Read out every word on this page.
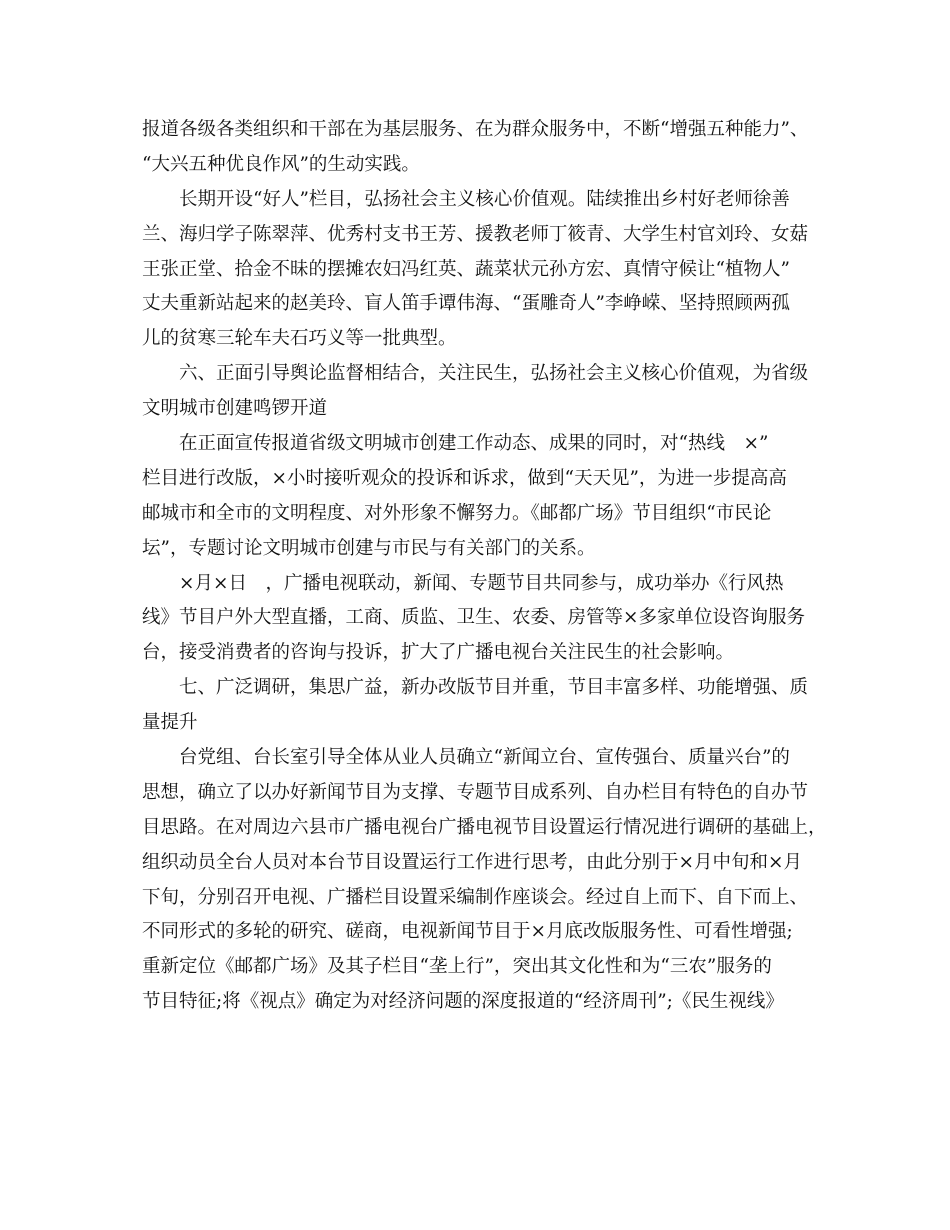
报道各级各类组织和干部在为基层服务、在为群众服务中，不断“增强五种能力”、
“大兴五种优良作风”的生动实践。
长期开设“好人”栏目，弘扬社会主义核心价值观。陆续推出乡村好老师徐善
兰、海归学子陈翠萍、优秀村支书王芳、援教老师丁筱青、大学生村官刘玲、女菇
王张正堂、拾金不昧的摆摊农妇冯红英、蔬菜状元孙方宏、真情守候让“植物人”
丈夫重新站起来的赵美玲、盲人笛手谭伟海、“蛋雕奇人”李峥嵘、坚持照顾两孤
儿的贫寒三轮车夫石巧义等一批典型。
六、正面引导舆论监督相结合，关注民生，弘扬社会主义核心价值观，为省级
文明城市创建鸣锣开道
在正面宣传报道省级文明城市创建工作动态、成果的同时，对“热线　×”
栏目进行改版，×小时接听观众的投诉和诉求，做到“天天见”，为进一步提高高
邮城市和全市的文明程度、对外形象不懈努力。《邮都广场》节目组织“市民论
坛”，专题讨论文明城市创建与市民与有关部门的关系。
×月×日　，广播电视联动，新闻、专题节目共同参与，成功举办《行风热
线》节目户外大型直播，工商、质监、卫生、农委、房管等×多家单位设咨询服务
台，接受消费者的咨询与投诉，扩大了广播电视台关注民生的社会影响。
七、广泛调研，集思广益，新办改版节目并重，节目丰富多样、功能增强、质
量提升
台党组、台长室引导全体从业人员确立“新闻立台、宣传强台、质量兴台”的
思想，确立了以办好新闻节目为支撑、专题节目成系列、自办栏目有特色的自办节
目思路。在对周边六县市广播电视台广播电视节目设置运行情况进行调研的基础上，
组织动员全台人员对本台节目设置运行工作进行思考，由此分别于×月中旬和×月
下旬，分别召开电视、广播栏目设置采编制作座谈会。经过自上而下、自下而上、
不同形式的多轮的研究、磋商，电视新闻节目于×月底改版服务性、可看性增强;
重新定位《邮都广场》及其子栏目“垄上行”，突出其文化性和为“三农”服务的
节目特征;将《视点》确定为对经济问题的深度报道的“经济周刊”;《民生视线》
